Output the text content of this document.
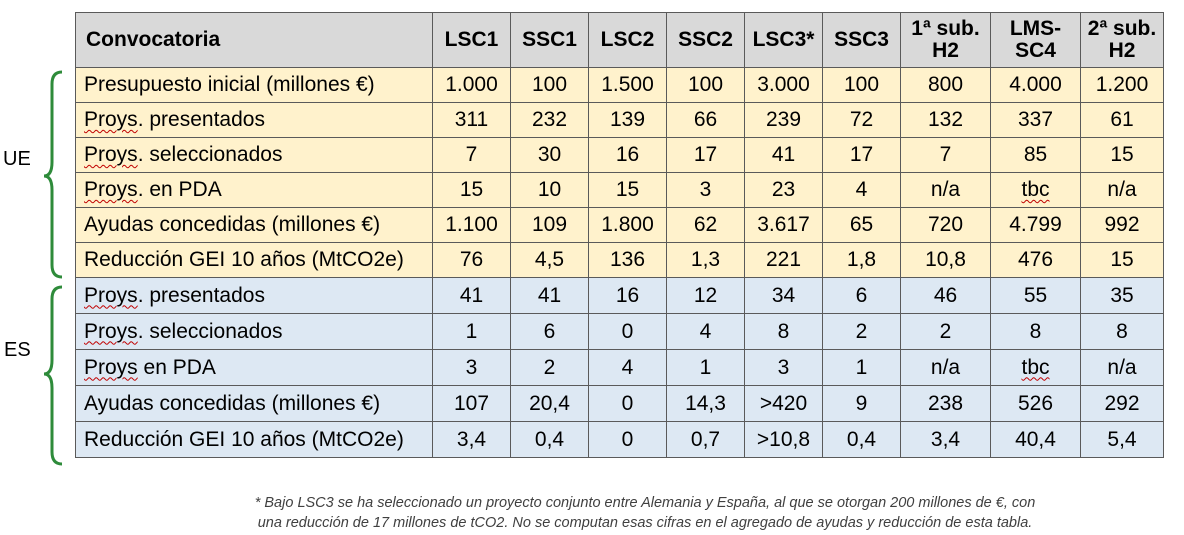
UE
ES
Convocatoria	LSC1	SSC1	LSC2	SSC2	LSC3*	SSC3	1ª sub. H2	LMS-SC4	2ª sub. H2
Presupuesto inicial (millones €)	1.000	100	1.500	100	3.000	100	800	4.000	1.200
Proys. presentados	311	232	139	66	239	72	132	337	61
Proys. seleccionados	7	30	16	17	41	17	7	85	15
Proys. en PDA	15	10	15	3	23	4	n/a	tbc	n/a
Ayudas concedidas (millones €)	1.100	109	1.800	62	3.617	65	720	4.799	992
Reducción GEI 10 años (MtCO2e)	76	4,5	136	1,3	221	1,8	10,8	476	15
Proys. presentados	41	41	16	12	34	6	46	55	35
Proys. seleccionados	1	6	0	4	8	2	2	8	8
Proys en PDA	3	2	4	1	3	1	n/a	tbc	n/a
Ayudas concedidas (millones €)	107	20,4	0	14,3	>420	9	238	526	292
Reducción GEI 10 años (MtCO2e)	3,4	0,4	0	0,7	>10,8	0,4	3,4	40,4	5,4
* Bajo LSC3 se ha seleccionado un proyecto conjunto entre Alemania y España, al que se otorgan 200 millones de €, con
una reducción de 17 millones de tCO2. No se computan esas cifras en el agregado de ayudas y reducción de esta tabla.
